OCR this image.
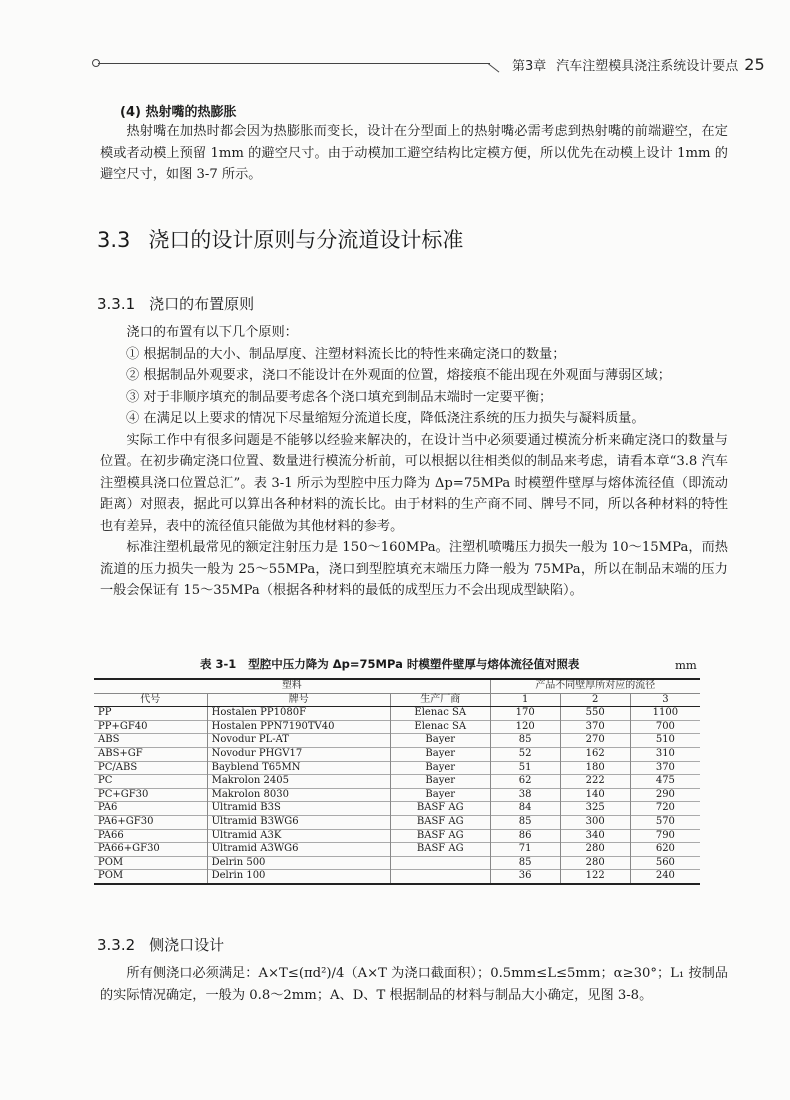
第3章 汽车注塑模具浇注系统设计要点 25
(4) 热射嘴的热膨胀

热射嘴在加热时都会因为热膨胀而变长，设计在分型面上的热射嘴必需考虑到热射嘴的前端避空，在定模或者动模上预留 1mm 的避空尺寸。由于动模加工避空结构比定模方便，所以优先在动模上设计 1mm 的避空尺寸，如图 3-7 所示。

3.3 浇口的设计原则与分流道设计标准
3.3.1 浇口的布置原则

浇口的布置有以下几个原则：

① 根据制品的大小、制品厚度、注塑材料流长比的特性来确定浇口的数量；
② 根据制品外观要求，浇口不能设计在外观面的位置，熔接痕不能出现在外观面与薄弱区域；
③ 对于非顺序填充的制品要考虑各个浇口填充到制品末端时一定要平衡；
④ 在满足以上要求的情况下尽量缩短分流道长度，降低浇注系统的压力损失与凝料质量。

实际工作中有很多问题是不能够以经验来解决的，在设计当中必须要通过模流分析来确定浇口的数量与位置。在初步确定浇口位置、数量进行模流分析前，可以根据以往相类似的制品来考虑，请看本章“3.8 汽车注塑模具浇口位置总汇”。表 3-1 所示为型腔中压力降为 Δp=75MPa 时模塑件壁厚与熔体流径值（即流动距离）对照表，据此可以算出各种材料的流长比。由于材料的生产商不同、牌号不同，所以各种材料的特性也有差异，表中的流径值只能做为其他材料的参考。

标准注塑机最常见的额定注射压力是 150～160MPa。注塑机喷嘴压力损失一般为 10～15MPa，而热流道的压力损失一般为 25～55MPa，浇口到型腔填充末端压力降一般为 75MPa，所以在制品末端的压力一般会保证有 15～35MPa（根据各种材料的最低的成型压力不会出现成型缺陷）。

表 3-1 型腔中压力降为 Δp=75MPa 时模塑件壁厚与熔体流径值对照表	mm
塑料			产品不同壁厚所对应的流径		
代号	牌号	生产厂商	1	2	3
PP	Hostalen PP1080F	Elenac SA	170	550	1100
PP+GF40	Hostalen PPN7190TV40	Elenac SA	120	370	700
ABS	Novodur PL-AT	Bayer	85	270	510
ABS+GF	Novodur PHGV17	Bayer	52	162	310
PC/ABS	Bayblend T65MN	Bayer	51	180	370
PC	Makrolon 2405	Bayer	62	222	475
PC+GF30	Makrolon 8030	Bayer	38	140	290
PA6	Ultramid B3S	BASF AG	84	325	720
PA6+GF30	Ultramid B3WG6	BASF AG	85	300	570
PA66	Ultramid A3K	BASF AG	86	340	790
PA66+GF30	Ultramid A3WG6	BASF AG	71	280	620
POM	Delrin 500		85	280	560
POM	Delrin 100		36	122	240
3.3.2 侧浇口设计

所有侧浇口必须满足：A×T≤(πd²)/4（A×T 为浇口截面积）；0.5mm≤L≤5mm；α≥30°；L₁ 按制品的实际情况确定，一般为 0.8～2mm；A、D、T 根据制品的材料与制品大小确定，见图 3-8。
